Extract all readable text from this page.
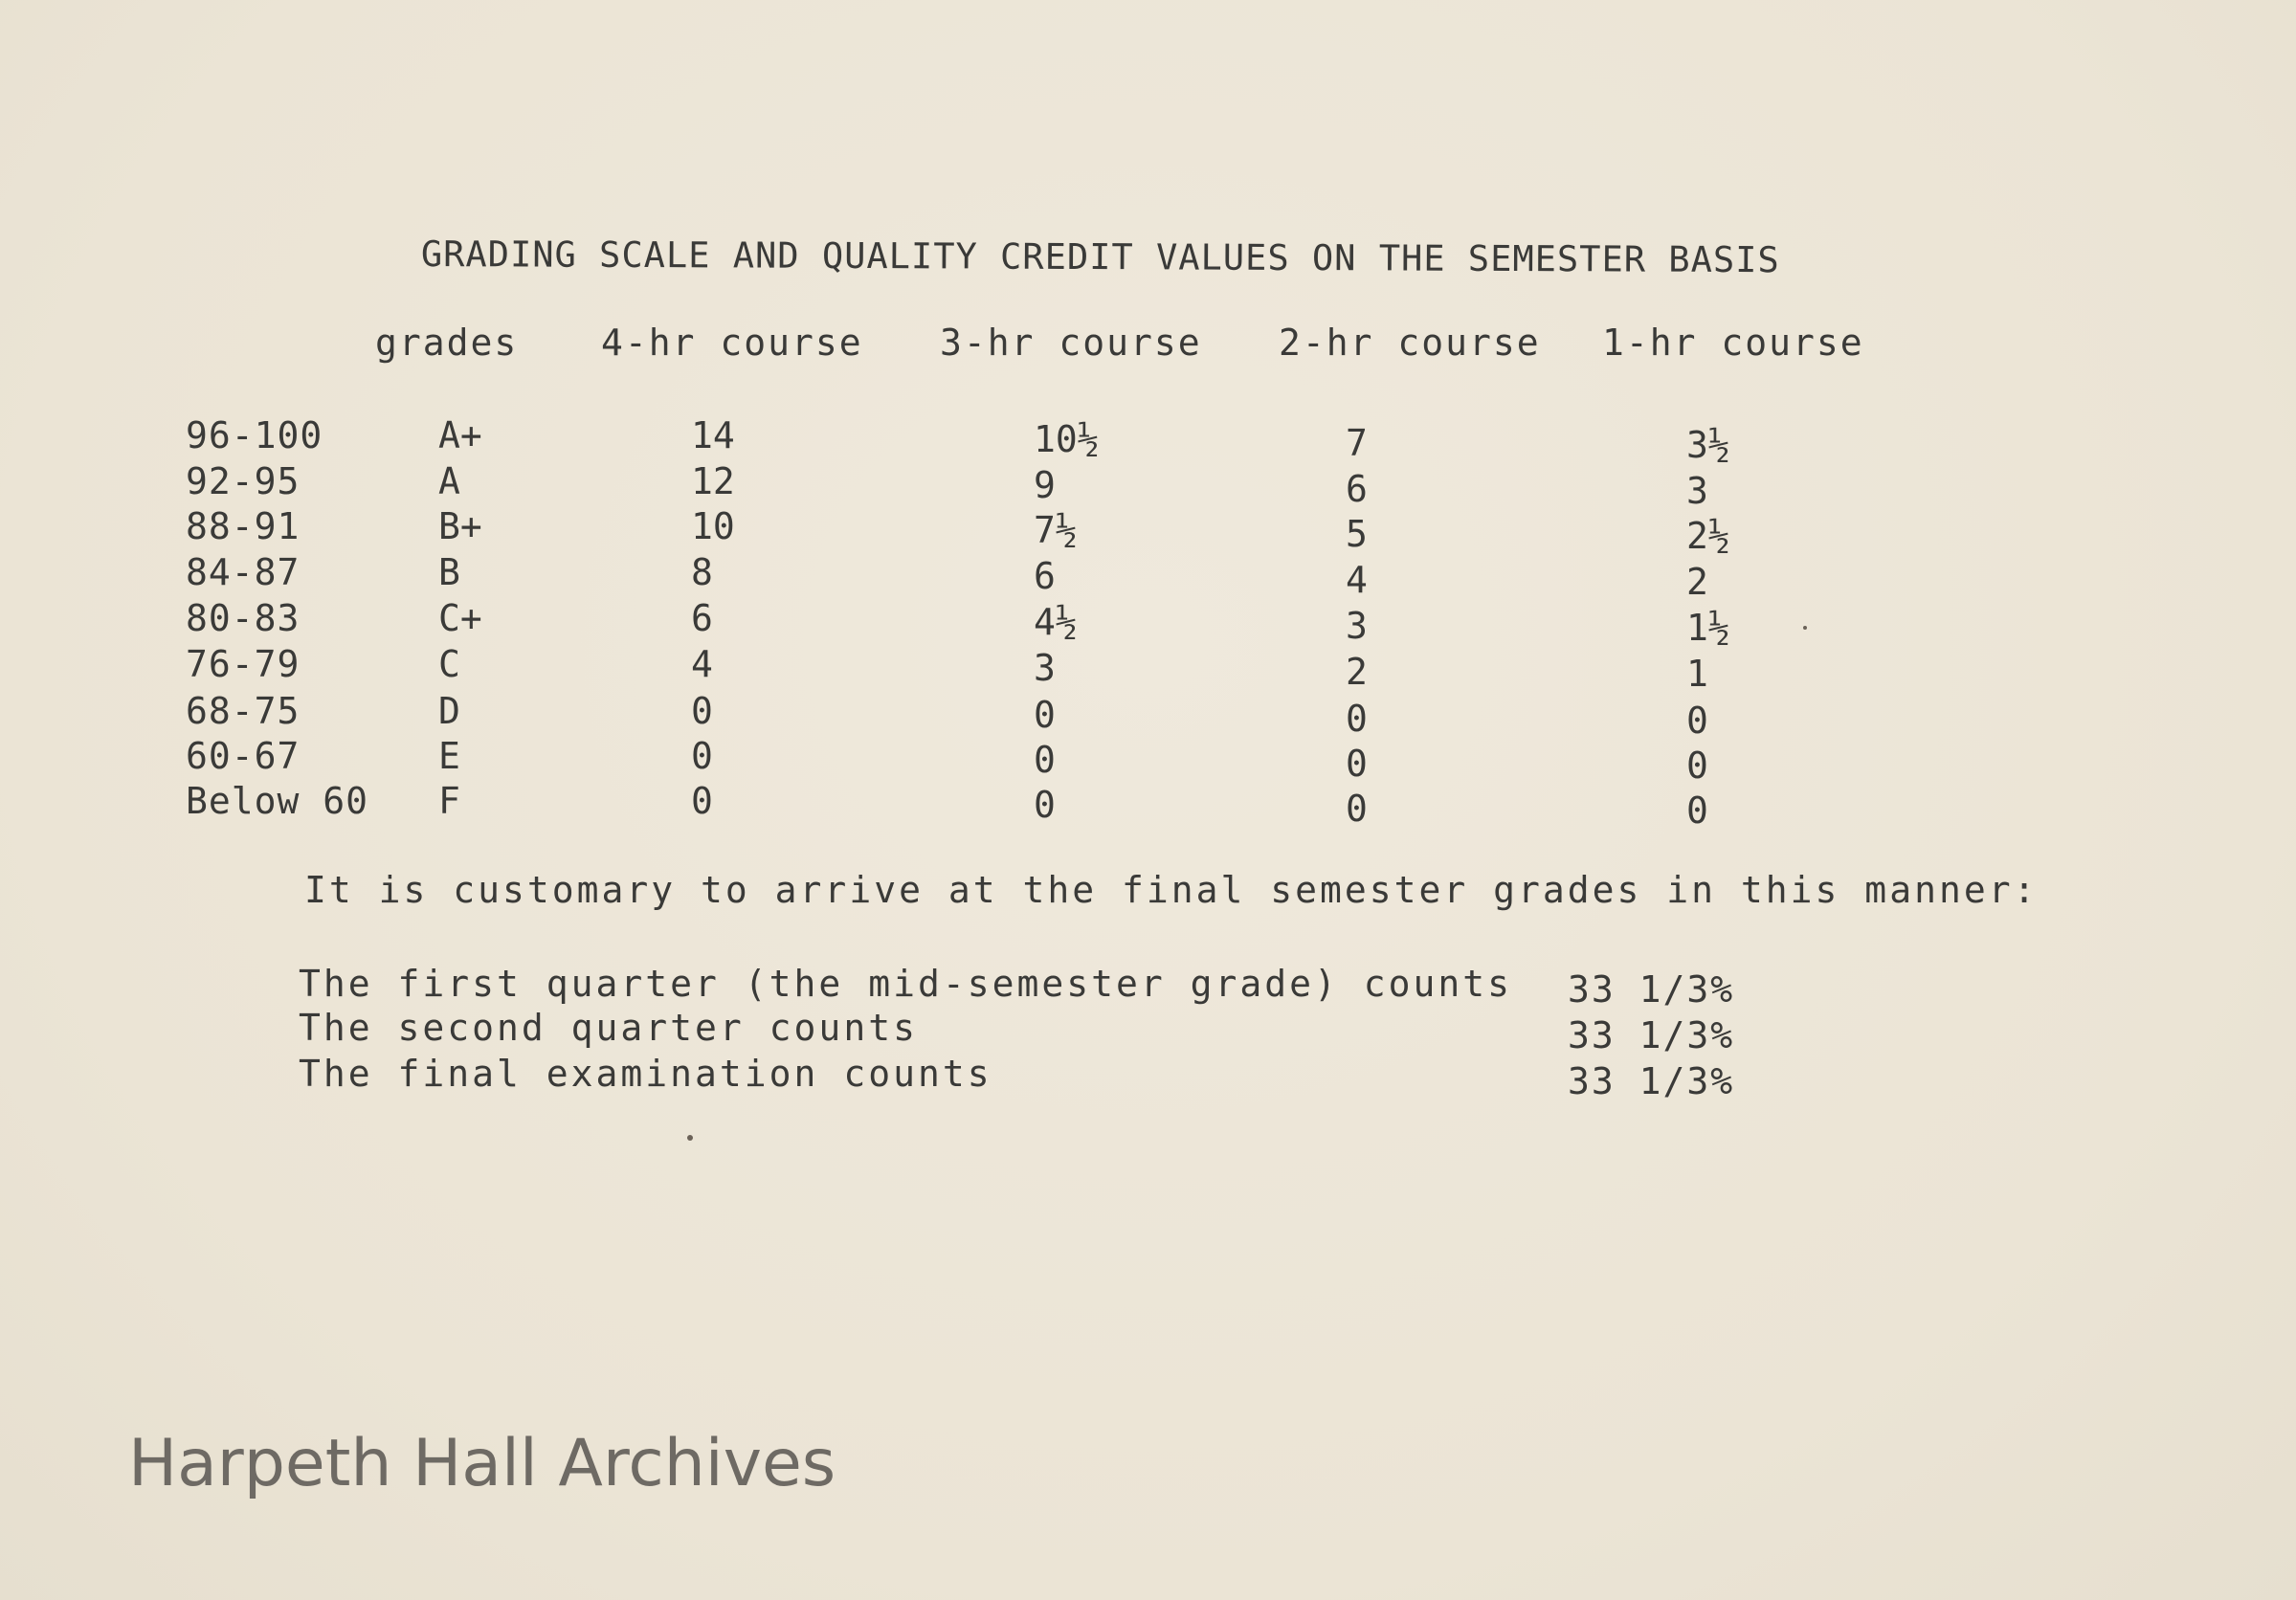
GRADING SCALE AND QUALITY CREDIT VALUES ON THE SEMESTER BASIS
grades 4-hr course 3-hr course 2-hr course 1-hr course
96-100	A+	14	10½	7	3½
92-95	A	12	9	6	3
88-91	B+	10	7½	5	2½
84-87	B	8	6	4	2
80-83	C+	6	4½	3	1½
76-79	C	4	3	2	1
68-75	D	0	0	0	0
60-67	E	0	0	0	0
Below 60 F	0	0	0	0
It is customary to arrive at the final semester grades in this manner:
The first quarter (the mid-semester grade) counts 33 1/3%
The second quarter counts	33 1/3%
The final examination counts	33 1/3%
Harpeth Hall Archives
